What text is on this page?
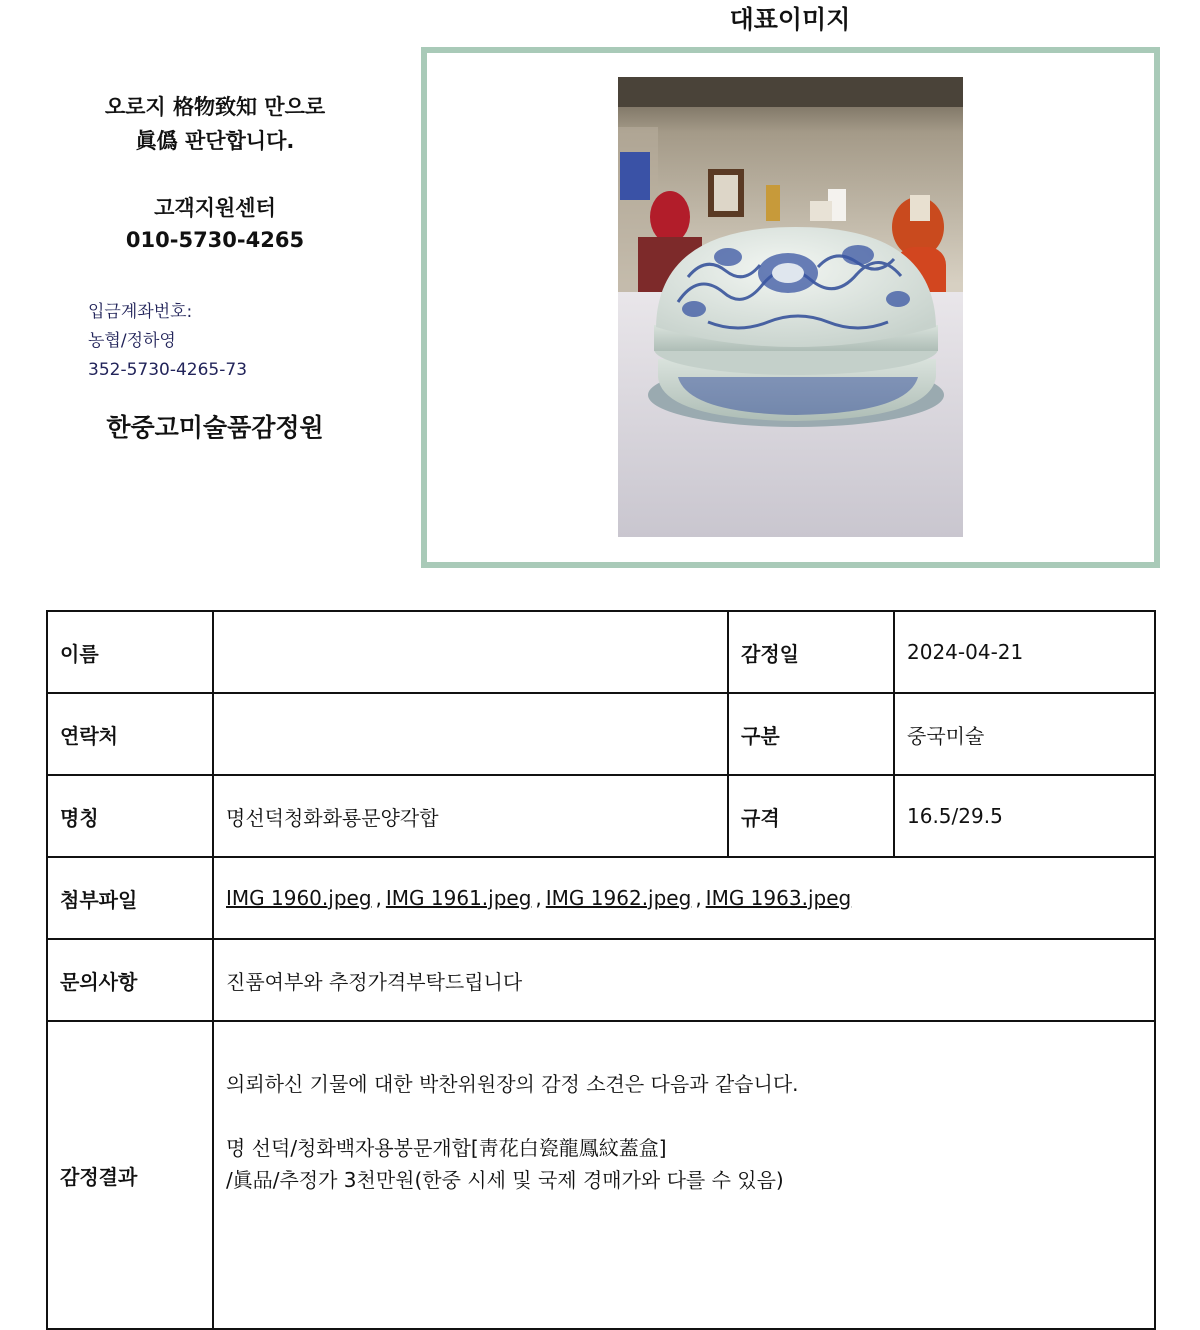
오로지 格物致知 만으로
眞僞 판단합니다.
고객지원센터
010-5730-4265
입금계좌번호:
농협/정하영
352-5730-4265-73
한중고미술품감정원
대표이미지
이름		감정일	2024-04-21
연락처		구분	중국미술
명칭	명선덕청화화룡문양각합	규격	16.5/29.5
첨부파일	IMG 1960.jpeg , IMG 1961.jpeg , IMG 1962.jpeg , IMG 1963.jpeg		
문의사항	진품여부와 추정가격부탁드립니다		
감정결과	의뢰하신 기물에 대한 박찬위원장의 감정 소견은 다음과 같습니다.

명 선덕/청화백자용봉문개합[靑花白瓷龍鳳紋蓋盒]

/眞品/추정가 3천만원(한중 시세 및 국제 경매가와 다를 수 있음)		
